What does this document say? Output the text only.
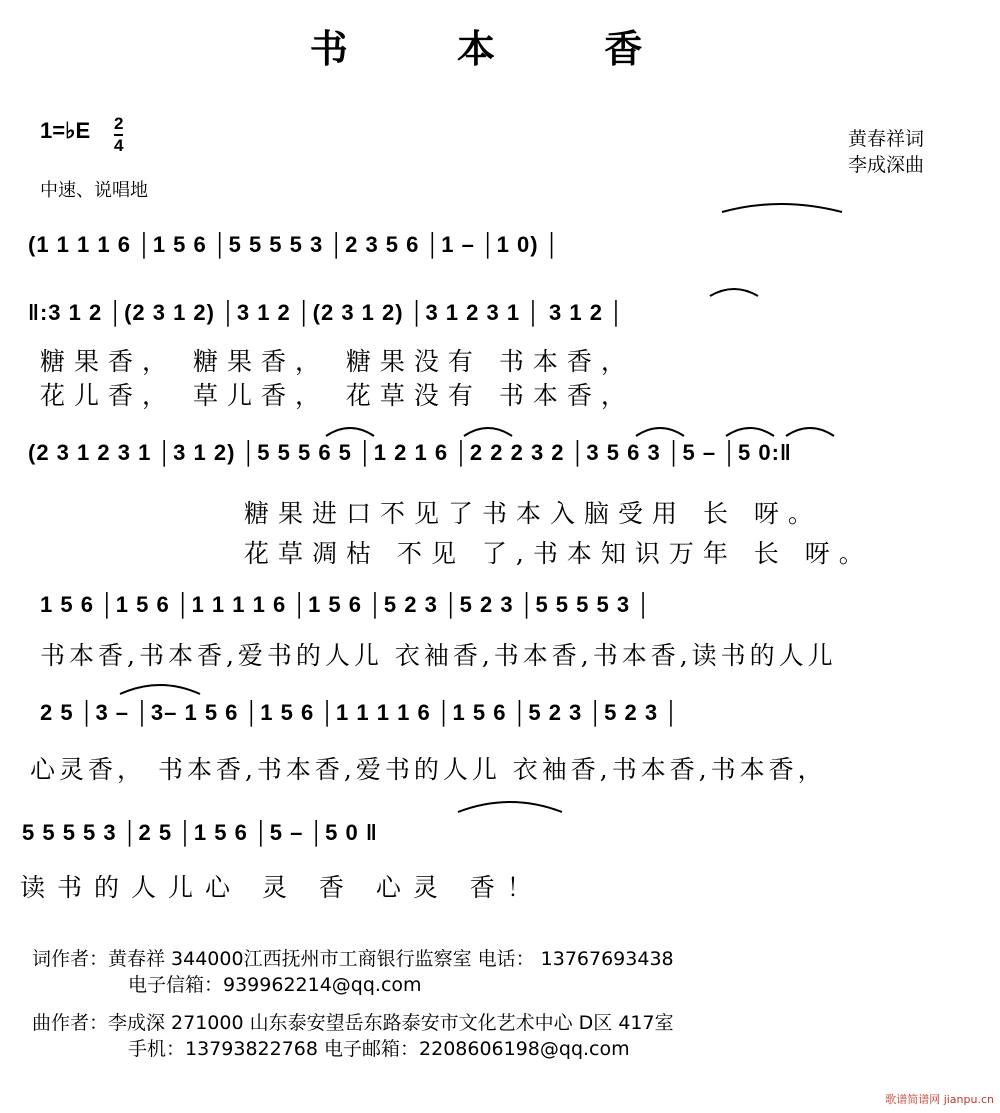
书 本 香
1=♭E 2
4
中速、说唱地
黄春祥词
李成深曲
(1 1 1 1 6 │1 5 6 │5 5 5 5 3 │2 3 5 6 │1 – │1 0) │
‖:3 1 2 │(2 3 1 2) │3 1 2 │(2 3 1 2) │3 1 2 3 1 │ 3 1 2 │
糖果香， 糖果香， 糖果没有 书本香，
花儿香， 草儿香， 花草没有 书本香，
(2 3 1 2 3 1 │3 1 2) │5 5 5 6 5 │1 2 1 6 │2 2 2 3 2 │3 5 6 3 │5 – │5 0:‖
糖果进口不见了书本入脑受用 长 呀。
花草凋枯 不见 了,书本知识万年 长 呀。
1 5 6 │1 5 6 │1 1 1 1 6 │1 5 6 │5 2 3 │5 2 3 │5 5 5 5 3 │
书本香,书本香,爱书的人儿 衣袖香,书本香,书本香,读书的人儿
2 5 │3 – │3– 1 5 6 │1 5 6 │1 1 1 1 6 │1 5 6 │5 2 3 │5 2 3 │
心灵香， 书本香,书本香,爱书的人儿 衣袖香,书本香,书本香，
5 5 5 5 3 │2 5 │1 5 6 │5 – │5 0 ‖
读书的人儿心 灵 香 心灵 香！
词作者：黄春祥 344000江西抚州市工商银行监察室 电话： 13767693438
电子信箱：939962214@qq.com
曲作者：李成深 271000 山东泰安望岳东路泰安市文化艺术中心 D区 417室
手机：13793822768 电子邮箱：2208606198@qq.com
歌谱简谱网 jianpu.cn
